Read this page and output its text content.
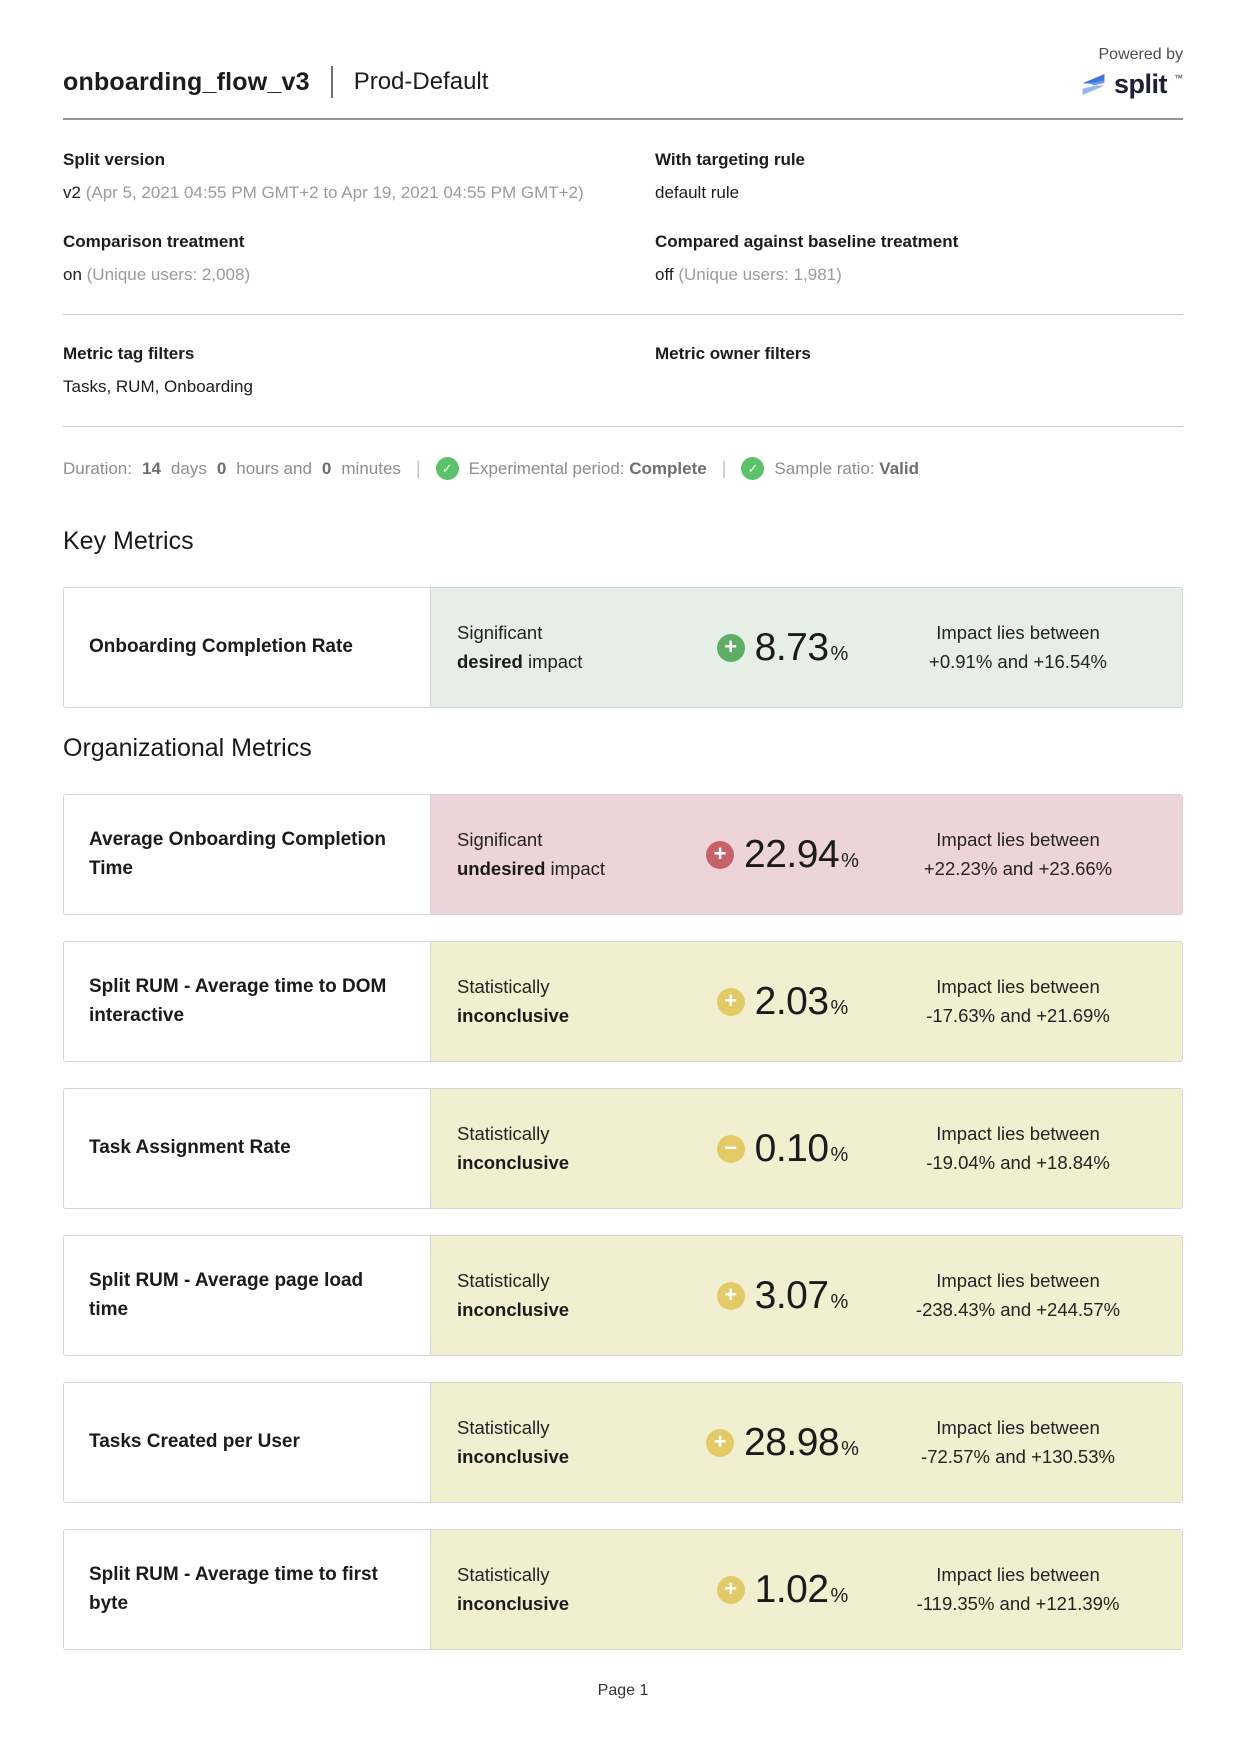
onboarding_flow_v3 Prod-Default
Powered by
split ™
Split version
v2 (Apr 5, 2021 04:55 PM GMT+2 to Apr 19, 2021 04:55 PM GMT+2)
With targeting rule
default rule
Comparison treatment
on (Unique users: 2,008)
Compared against baseline treatment
off (Unique users: 1,981)
Metric tag filters
Tasks, RUM, Onboarding
Metric owner filters
Duration: 14 days 0 hours and 0 minutes |	✓ Experimental period: Complete |	✓ Sample ratio: Valid
Key Metrics
Onboarding Completion Rate
Significant
desired impact
+ 8.73 %
Impact lies between
+0.91% and +16.54%
Organizational Metrics
Average Onboarding Completion Time
Significant
undesired impact
+ 22.94 %
Impact lies between
+22.23% and +23.66%
Split RUM - Average time to DOM interactive
Statistically
inconclusive
+ 2.03 %
Impact lies between
-17.63% and +21.69%
Task Assignment Rate
Statistically
inconclusive
− 0.10 %
Impact lies between
-19.04% and +18.84%
Split RUM - Average page load time
Statistically
inconclusive
+ 3.07 %
Impact lies between
-238.43% and +244.57%
Tasks Created per User
Statistically
inconclusive
+ 28.98 %
Impact lies between
-72.57% and +130.53%
Split RUM - Average time to first byte
Statistically
inconclusive
+ 1.02 %
Impact lies between
-119.35% and +121.39%
Page 1
